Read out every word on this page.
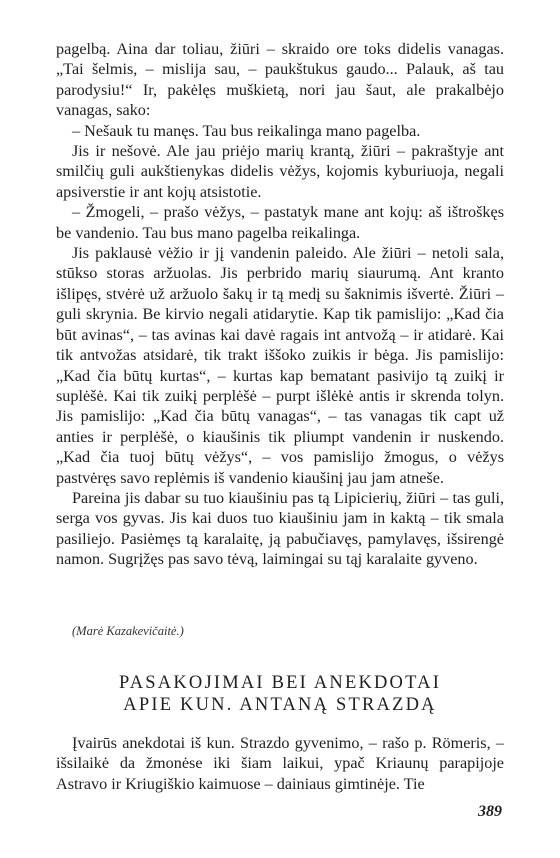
pagelbą. Aina dar toliau, žiūri – skraido ore toks didelis vanagas. „Tai šelmis, – mislija sau, – paukštukus gaudo... Palauk, aš tau parodysiu!“ Ir, pakėlęs muškietą, nori jau šaut, ale prakalbėjo vanagas, sako:

– Nešauk tu manęs. Tau bus reikalinga mano pagelba.

Jis ir nešovė. Ale jau priėjo marių krantą, žiūri – pakraštyje ant smilčių guli aukštienykas didelis vėžys, kojomis kyburiuoja, negali apsiverstie ir ant kojų atsistotie.

– Žmogeli, – prašo vėžys, – pastatyk mane ant kojų: aš ištroškęs be vandenio. Tau bus mano pagelba reikalinga.

Jis paklausė vėžio ir jį vandenin paleido. Ale žiūri – netoli sala, stūkso storas aržuolas. Jis perbrido marių siaurumą. Ant kranto išlipęs, stvėrė už aržuolo šakų ir tą medį su šaknimis išvertė. Žiūri – guli skrynia. Be kirvio negali atidarytie. Kap tik pamislijo: „Kad čia būt avinas“, – tas avinas kai davė ragais int antvožą – ir atidarė. Kai tik antvožas atsidarė, tik trakt iššoko zuikis ir bėga. Jis pamislijo: „Kad čia būtų kurtas“, – kurtas kap bematant pasivijo tą zuikį ir suplėšė. Kai tik zuikį perplėšė – purpt išlėkė antis ir skrenda tolyn. Jis pamislijo: „Kad čia būtų vanagas“, – tas vanagas tik capt už anties ir perplėšė, o kiaušinis tik pliumpt vandenin ir nuskendo. „Kad čia tuoj būtų vėžys“, – vos pamislijo žmogus, o vėžys pastvėręs savo replėmis iš vandenio kiaušinį jau jam atneše.

Pareina jis dabar su tuo kiaušiniu pas tą Lipicierių, žiūri – tas guli, serga vos gyvas. Jis kai duos tuo kiaušiniu jam in kaktą – tik smala pasiliejo. Pasiėmęs tą karalaitę, ją pabučiavęs, pamylavęs, išsirengė namon. Sugrįžęs pas savo tėvą, laimingai su tąj karalaite gyveno.

(Marė Kazakevičaitė.)
PASAKOJIMAI BEI ANEKDOTAI
APIE KUN. ANTANĄ STRAZDĄ

Įvairūs anekdotai iš kun. Strazdo gyvenimo, – rašo p. Römeris, – išsilaikė da žmonėse iki šiam laikui, ypač Kriaunų parapijoje Astravo ir Kriugiškio kaimuose – dainiaus gimtinėje. Tie

389
